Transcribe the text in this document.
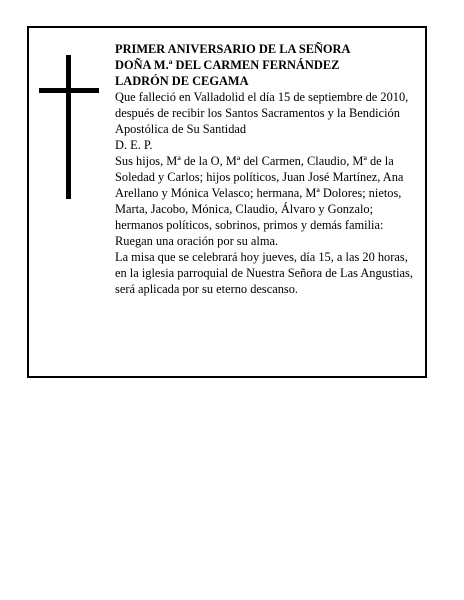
PRIMER ANIVERSARIO DE LA SEÑORA
DOÑA M.ª DEL CARMEN FERNÁNDEZ
LADRÓN DE CEGAMA
Que falleció en Valladolid el día 15 de septiembre de 2010, después de recibir los Santos Sacramentos y la Bendición Apostólica de Su Santidad
D. E. P.
Sus hijos, Mª de la O, Mª del Carmen, Claudio, Mª de la Soledad y Carlos; hijos políticos, Juan José Martínez, Ana Arellano y Mónica Velasco; hermana, Mª Dolores; nietos, Marta, Jacobo, Mónica, Claudio, Álvaro y Gonzalo; hermanos políticos, sobrinos, primos y demás familia:
Ruegan una oración por su alma.
La misa que se celebrará hoy jueves, día 15, a las 20 horas, en la iglesia parroquial de Nuestra Señora de Las Angustias, será aplicada por su eterno descanso.
